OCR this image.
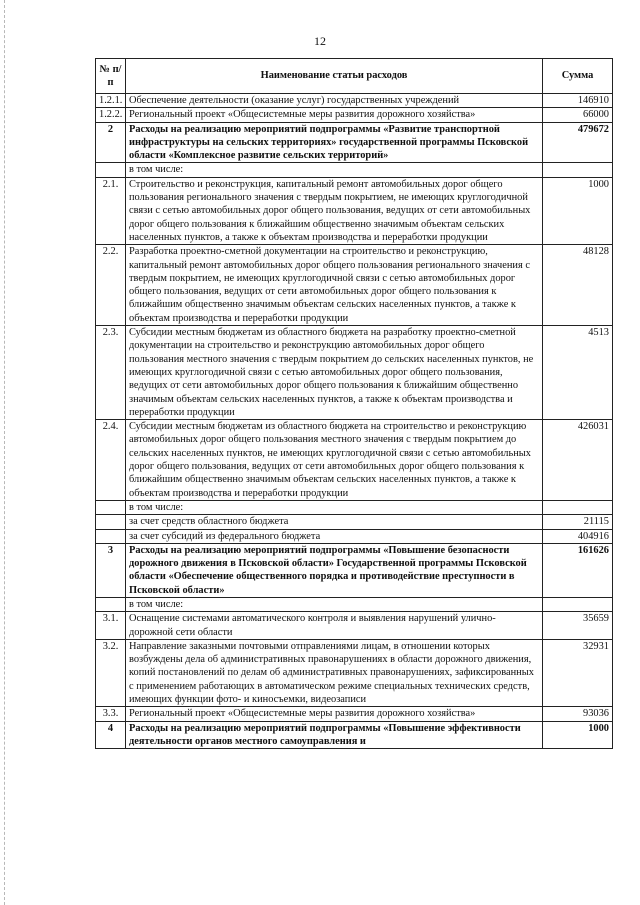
12
№ п/п	Наименование статьи расходов	Сумма
1.2.1.	Обеспечение деятельности (оказание услуг) государственных учреждений	146910
1.2.2.	Региональный проект «Общесистемные меры развития дорожного хозяйства»	66000
2	Расходы на реализацию мероприятий подпрограммы «Развитие транспортной инфраструктуры на сельских территориях» государственной программы Псковской области «Комплексное развитие сельских территорий»	479672
	в том числе:	
2.1.	Строительство и реконструкция, капитальный ремонт автомобильных дорог общего пользования регионального значения с твердым покрытием, не имеющих круглогодичной связи с сетью автомобильных дорог общего пользования, ведущих от сети автомобильных дорог общего пользования к ближайшим общественно значимым объектам сельских населенных пунктов, а также к объектам производства и переработки продукции	1000
2.2.	Разработка проектно-сметной документации на строительство и реконструкцию, капитальный ремонт автомобильных дорог общего пользования регионального значения с твердым покрытием, не имеющих круглогодичной связи с сетью автомобильных дорог общего пользования, ведущих от сети автомобильных дорог общего пользования к ближайшим общественно значимым объектам сельских населенных пунктов, а также к объектам производства и переработки продукции	48128
2.3.	Субсидии местным бюджетам из областного бюджета на разработку проектно-сметной документации на строительство и реконструкцию автомобильных дорог общего пользования местного значения с твердым покрытием до сельских населенных пунктов, не имеющих круглогодичной связи с сетью автомобильных дорог общего пользования, ведущих от сети автомобильных дорог общего пользования к ближайшим общественно значимым объектам сельских населенных пунктов, а также к объектам производства и переработки продукции	4513
2.4.	Субсидии местным бюджетам из областного бюджета на строительство и реконструкцию автомобильных дорог общего пользования местного значения с твердым покрытием до сельских населенных пунктов, не имеющих круглогодичной связи с сетью автомобильных дорог общего пользования, ведущих от сети автомобильных дорог общего пользования к ближайшим общественно значимым объектам сельских населенных пунктов, а также к объектам производства и переработки продукции	426031
	в том числе:	
	за счет средств областного бюджета	21115
	за счет субсидий из федерального бюджета	404916
3	Расходы на реализацию мероприятий подпрограммы «Повышение безопасности дорожного движения в Псковской области» Государственной программы Псковской области «Обеспечение общественного порядка и противодействие преступности в Псковской области»	161626
	в том числе:	
3.1.	Оснащение системами автоматического контроля и выявления нарушений улично-дорожной сети области	35659
3.2.	Направление заказными почтовыми отправлениями лицам, в отношении которых возбуждены дела об административных правонарушениях в области дорожного движения, копий постановлений по делам об административных правонарушениях, зафиксированных с применением работающих в автоматическом режиме специальных технических средств, имеющих функции фото- и киносъемки, видеозаписи	32931
3.3.	Региональный проект «Общесистемные меры развития дорожного хозяйства»	93036
4	Расходы на реализацию мероприятий подпрограммы «Повышение эффективности деятельности органов местного самоуправления и	1000
